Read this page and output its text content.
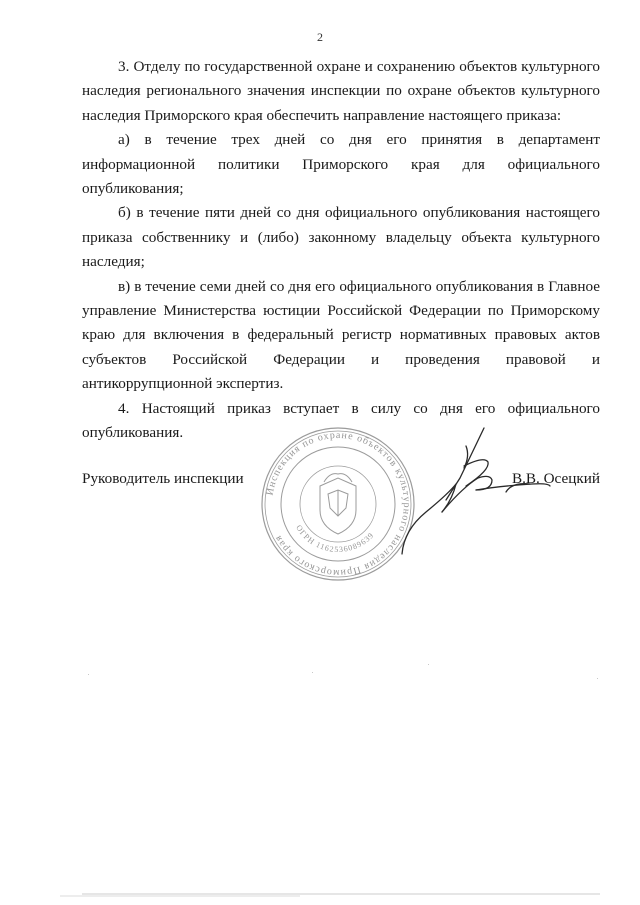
2

3. Отделу по государственной охране и сохранению объектов культурного наследия регионального значения инспекции по охране объектов культурного наследия Приморского края обеспечить направление настоящего приказа:

а) в течение трех дней со дня его принятия в департамент информационной политики Приморского края для официального опубликования;

б) в течение пяти дней со дня официального опубликования настоящего приказа собственнику и (либо) законному владельцу объекта культурного наследия;

в) в течение семи дней со дня его официального опубликования в Главное управление Министерства юстиции Российской Федерации по Приморскому краю для включения в федеральный регистр нормативных правовых актов субъектов Российской Федерации и проведения правовой и антикоррупционной экспертиз.

4. Настоящий приказ вступает в силу со дня его официального опубликования.

Руководитель инспекции
Инспекция по охране объектов культурного наследия Приморского края
ОГРН 1162536089639
В.В. Осецкий
